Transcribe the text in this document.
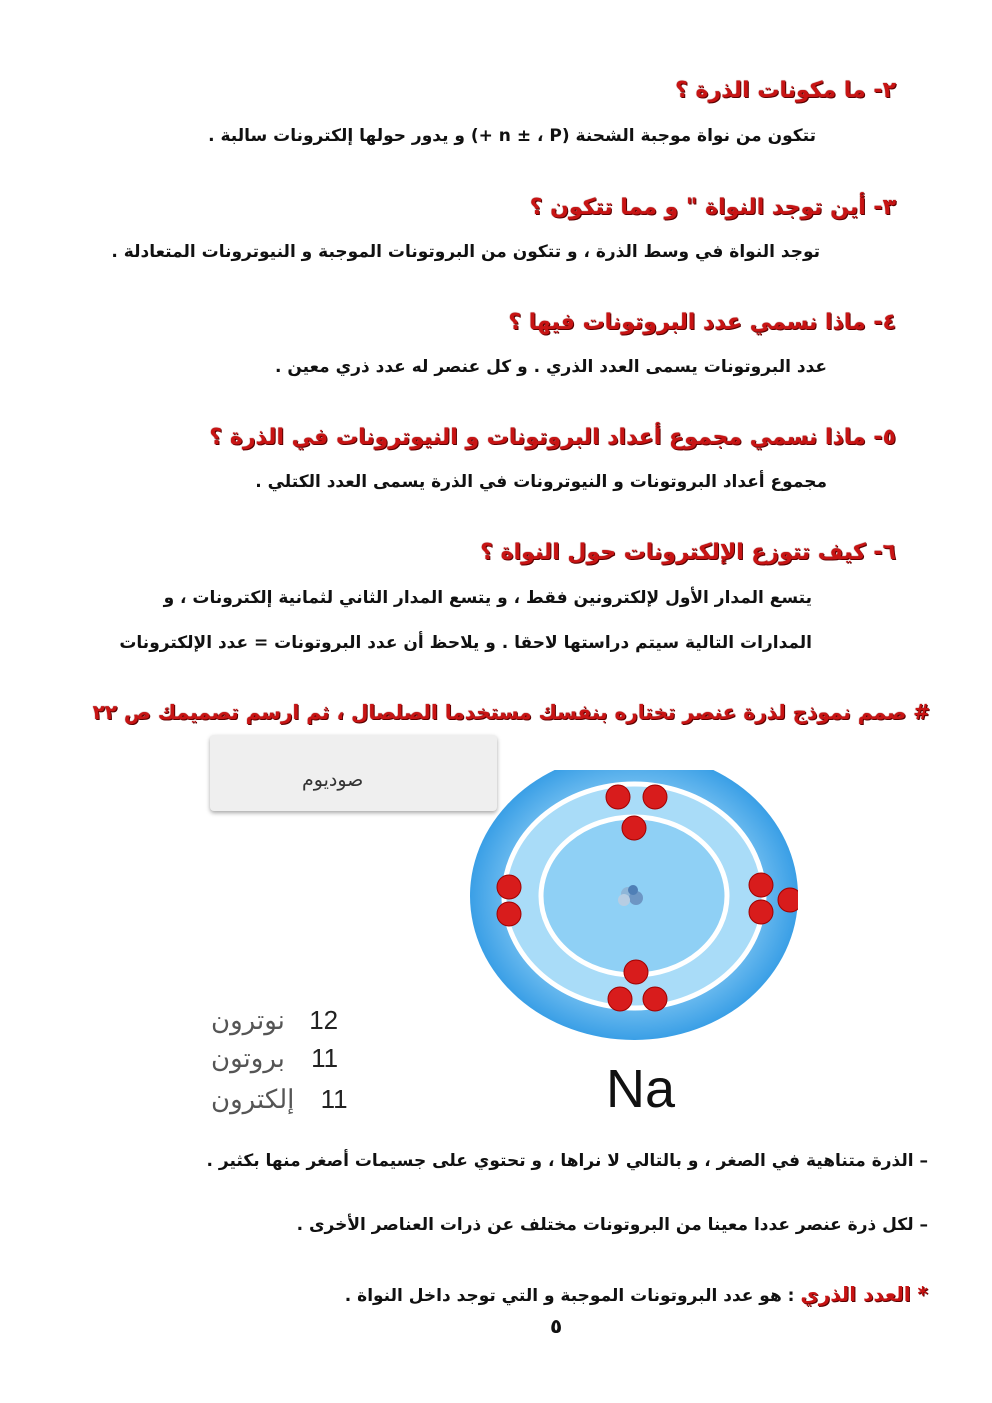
٢- ما مكونات الذرة ؟
تتكون من نواة موجبة الشحنة (n ± ، P +) و يدور حولها إلكترونات سالبة .
٣- أين توجد النواة " و مما تتكون ؟
توجد النواة في وسط الذرة ، و تتكون من البروتونات الموجبة و النيوترونات المتعادلة .
٤- ماذا نسمي عدد البروتونات فيها ؟
عدد البروتونات يسمى العدد الذري . و كل عنصر له عدد ذري معين .
٥- ماذا نسمي مجموع أعداد البروتونات و النيوترونات في الذرة ؟
مجموع أعداد البروتونات و النيوترونات في الذرة يسمى العدد الكتلي .
٦- كيف تتوزع الإلكترونات حول النواة ؟
يتسع المدار الأول لإلكترونين فقط ، و يتسع المدار الثاني لثمانية إلكترونات ، و
المدارات التالية سيتم دراستها لاحقا . و يلاحظ أن عدد البروتونات = عدد الإلكترونات
# صمم نموذج لذرة عنصر تختاره بنفسك مستخدما الصلصال ، ثم ارسم تصميمك ص ٢٢
صوديوم
12 نوترون
11 بروتون
11 إلكترون	Na
– الذرة متناهية في الصغر ، و بالتالي لا نراها ، و تحتوي على جسيمات أصغر منها بكثير .
– لكل ذرة عنصر عددا معينا من البروتونات مختلف عن ذرات العناصر الأخرى .
* العدد الذري : هو عدد البروتونات الموجبة و التي توجد داخل النواة .
٥
